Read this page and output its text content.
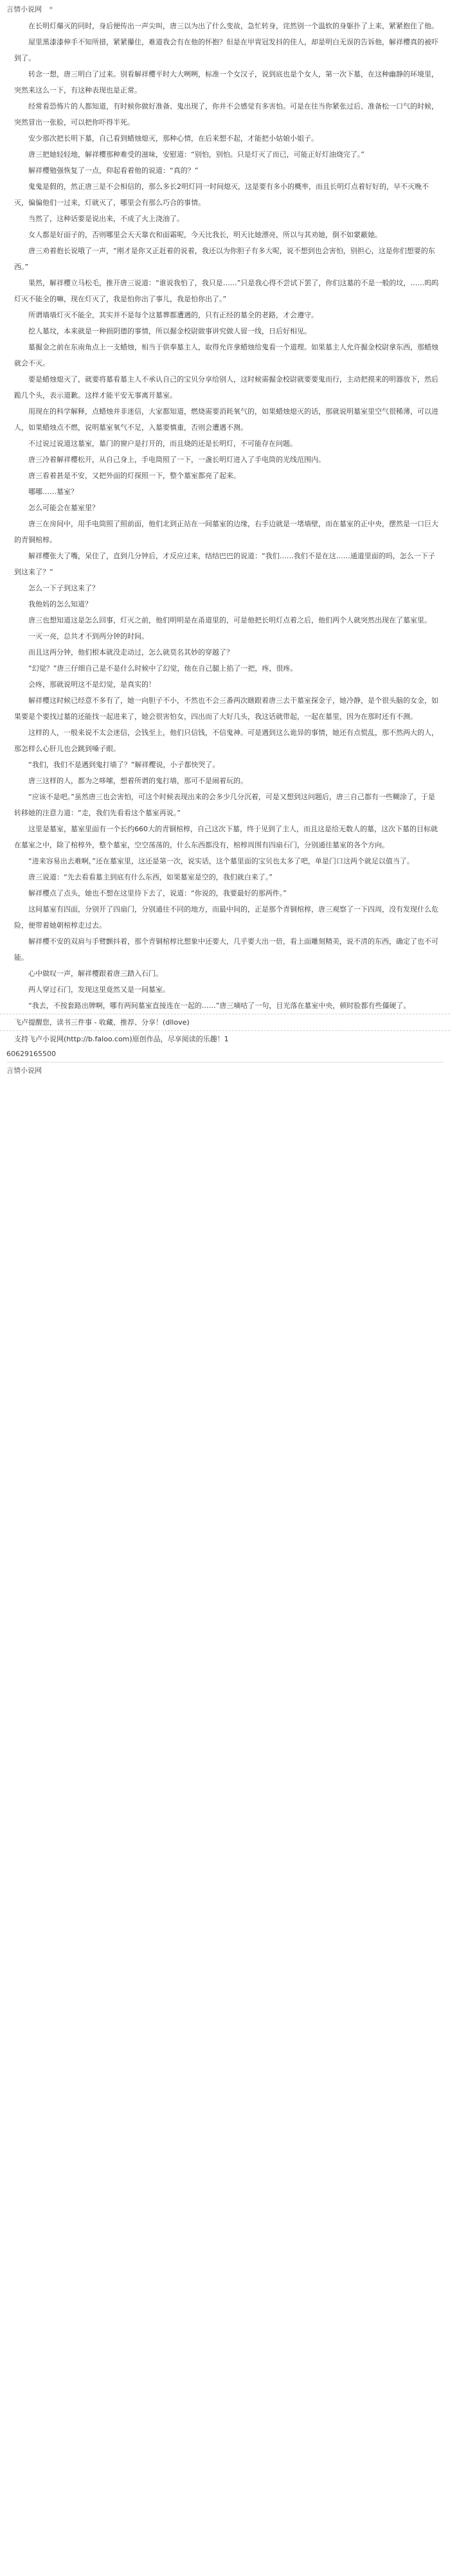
言情小说网 *

在长明灯爆灭的同时，身后便传出一声尖叫，唐三以为出了什么变故，急忙转身，诧然别一个温软的身躯扑了上来，紧紧抱住了他。

屋里黑漆漆伸手不知所措，紧紧攥住，难道我会有在他的怀抱？但是在甲胄冠发抖的佳人，却是明白无误的告诉他，解祥樱真的被吓到了。

转念一想，唐三明白了过来。别看解祥樱平时大大咧咧，标准一个女汉子，说到底也是个女人，第一次下墓，在这种幽静的环境里，突然来这么一下，有这种表现也是正常。

经常看恐怖片的人都知道，有时候你做好准备、鬼出现了，你并不会感觉有多害怕。可是在往当你紧张过后、准备松一口气的时候，突然冒出一张脸，可以把你吓得半死。

安少那次把长明下墓，自己看到蜡烛熄灭，那种心情，在后来想不起，才能把小姑娘小姐子。

唐三把她轻轻地，解祥樱那种难受的滋味，安慰道：“别怕，别怕。只是灯灭了而已，可能正好灯油烧完了。”

解祥樱勉强恢复了一点，仰起看着他的说道：“真的？”

鬼鬼是假的，然正唐三是不会相信的，那么多长2明灯同一时间熄灭，这是要有多小的概率，而且长明灯点着好好的，早不灭晚不灭，偏偏他们一过来，灯就灭了，哪里会有那么巧合的事情。

当然了，这种话要是说出来，不成了火上浇油了。

女人都是好面子的，否则哪里会天天靠衣和面霜呢，今天比我长，明天比她漂亮，所以与其劝她，倒不如蒙蔽她。

唐三劝着抱长说哦了一声，“刚才是你又正赶着的说着，我还以为你胆子有多大呢，说不想到也会害怕，别担心，这是你们想要的东西。”

果然，解祥樱立马松毛，推开唐三说道：“谁说我怕了，我只是……”只是我心得不尝试下罢了，你们这墓的不是一般的坟，……呜呜灯灭不能全的嘛，现在灯灭了，我是怕你出了事儿，我是怕你出了。”

所谓墙墙灯灭不能全，其实并不是每个这墓葬都遭遇的，只有正经的墓全的老路，才会遵守。

挖人墓坟，本来就是一种损阴德的事情，所以掘金校尉做事讲究做人留一线，日后好相见。

墓掘金之前在东南角点上一支蜡烛，相当于供奉墓主人，取得允许拿蜡烛给鬼看一个道理。如果墓主人允许掘金校尉拿东西，那蜡烛就会不灭。

要是蜡烛熄灭了，就要将墓看墓主人不承认自己的宝贝分享给别人，这时候需掘金校尉就要要鬼而行，主动把摸来的明器放下，然后跪几个头，表示道歉。这样才能平安无事离开墓室。

用现在的科学解释，点蜡烛并非迷信，大家都知道，燃烧需要消耗氧气的，如果蜡烛熄灭的话，那就说明墓室里空气很稀薄，可以进人，如果蜡烛点不燃，说明墓室氧气不足，入墓要慎重，否则会遭遇不测。

不过说过说道这墓室，墓门的窗户是打开的，而且烧的还是长明灯，不可能存在问题。

唐三冷着解祥樱松开，从自己身上，手电筒照了一下，一盏长明灯进入了手电筒的光线范围内。

唐三看着甚是不安，又把外面的灯探照一下，整个墓室都亮了起来。

哪哪……墓室？

怎么可能会在墓室里？

唐三在房间中，用手电筒照了照前面，他们北到正站在一间墓室的边缘，右手边就是一堵墙壁，而在墓室的正中央，摆然是一口巨大的青铜棺椁。

解祥樱张大了嘴，呆住了，直到几分钟后，才反应过来，结结巴巴的说道：“我们……我们不是在这……通道里面的吗，怎么一下子到这来了？”

怎么一下子到这来了？

我他妈的怎么知道？

唐三也想知道这是怎么回事，灯灭之前，他们明明是在甬道里的，可是他把长明灯点着之后，他们两个人就突然出现在了墓室里。

一灭一亮，总共才不到两分钟的时间。

而且这两分钟，他们根本就没走动过，怎么就莫名其妙的穿越了？

“幻觉？”唐三仔细自己是不是什么时候中了幻觉，他在自己腿上掐了一把，疼，很疼。

会疼，那就说明这不是幻觉，是真实的！

解祥樱这时候已经意不多有了，她一向胆子不小，不然也不会三番两次瞎跟着唐三去干墓室探金子，她冷静，是个很头脑的女金，如果要是个要找过墓的还能找一起进来了，她会很害怕女，四出而了大好几头，我这话就带起，一起在墓里，因为在那时还有不测。

这样的人，一般来说不太会迷信，会钱至上，他们只信钱，不信鬼神。可是遇到这么诡异的事情，她还有点慌乱，那不然两大的人，那怎样么心肝儿也会跳到嗓子眼。

“我们，我们不是遇到鬼打墙了？”解祥樱说，小子都快哭了。

唐三这样的人，都为之哆嗦，想着所谓的鬼打墙，那可不是闹着玩的。

“应该不是吧。”虽然唐三也会害怕，可这个时候表现出来的会多少几分沉着，可是又想到这问题后，唐三自己都有一些糊涂了，于是转移她的注意力道：“走，我们先看看这个墓室再说。”

这里是墓室，墓室里面有一个长约660大的青铜棺椁，自己这次下墓，终于见到了主人，而且这是给无数人的墓，这次下墓的目标就在墓室之中，除了棺椁外，整个墓室，空空荡荡的，什么东西都没有，棺椁周围有四扇石门，分别通往墓室的各个方向。

“进来容易出去难啊，”还在墓室里，这还是第一次，说实话，这个墓里面的宝贝也太多了吧，单是门口这两个就足以值当了。

唐三说道：“先去看看墓主到底有什么东西，如果墓室是空的，我们就白来了。”

解祥樱点了点头，她也不想在这里待下去了，说道：“你说的，我要最好的那两件。”

这间墓室有四面，分别开了四扇门，分别通往不同的地方，而最中间的，正是那个青铜棺椁，唐三观察了一下四周，没有发现什么危险，便带着她朝棺椁走过去。

解祥樱不安的双肩与手臂颤抖着，那个青铜棺椁比想象中还要大，几乎要大出一倍，看上面雕刻精美，说不清的东西，确定了也不可能。

心中做叹一声，解祥樱跟着唐三踏入石门。

两人穿过石门，发现这里竟然又是一间墓室。

“我去，不按套路出牌啊，哪有两间墓室直接连在一起的……”唐三嘀咕了一句，目光落在墓室中央，顿时脸都有些僵硬了。

飞卢提醒您，读书三件事 - 收藏、推荐、分享！(dllove)
支持飞卢小说网(http://b.faloo.com)原创作品，尽享阅读的乐趣！1
60629165500
言情小说网
